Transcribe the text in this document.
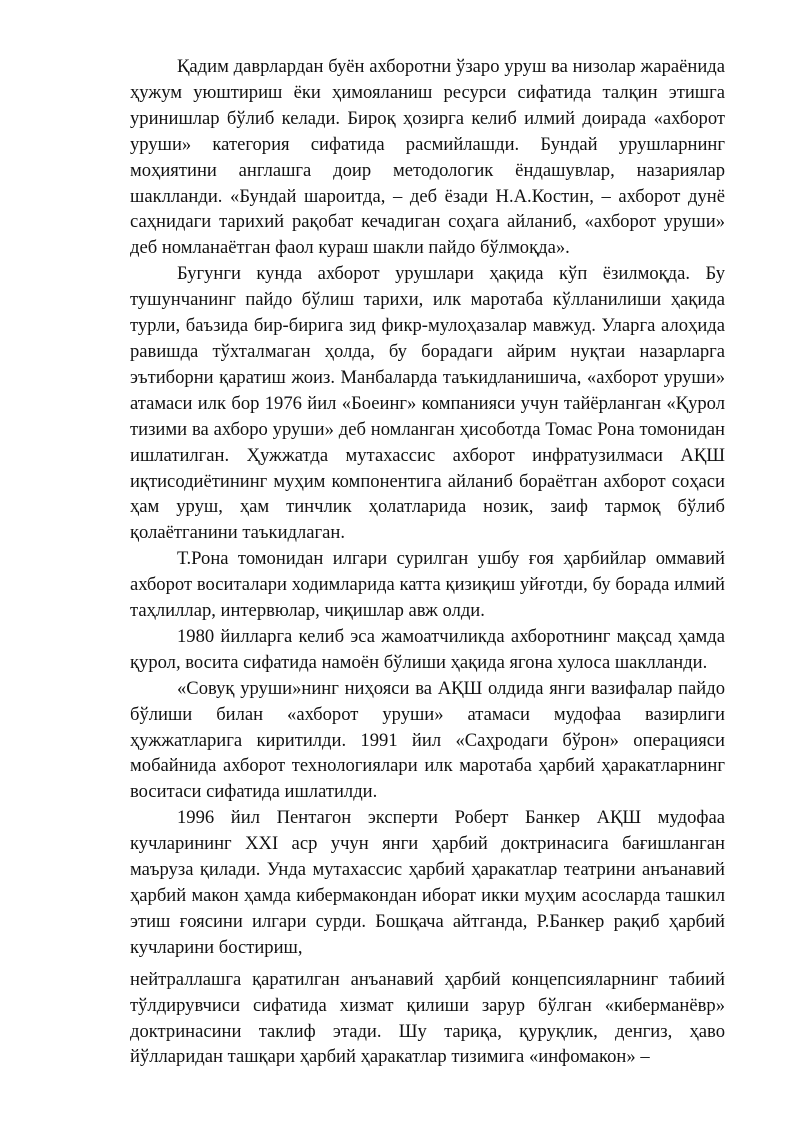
Қадим даврлардан буён ахборотни ўзаро уруш ва низолар жараёнида ҳужум уюштириш ёки ҳимояланиш ресурси сифатида талқин этишга уринишлар бўлиб келади. Бироқ ҳозирга келиб илмий доирада «ахборот уруши» категория сифатида расмийлашди. Бундай урушларнинг моҳиятини англашга доир методологик ёндашувлар, назариялар шаклланди. «Бундай шароитда, – деб ёзади Н.А.Костин, – ахборот дунё саҳнидаги тарихий рақобат кечадиган соҳага айланиб, «ахборот уруши» деб номланаётган фаол кураш шакли пайдо бўлмоқда».

Бугунги кунда ахборот урушлари ҳақида кўп ёзилмоқда. Бу тушунчанинг пайдо бўлиш тарихи, илк маротаба кўлланилиши ҳақида турли, баъзида бир-бирига зид фикр-мулоҳазалар мавжуд. Уларга алоҳида равишда тўхталмаган ҳолда, бу борадаги айрим нуқтаи назарларга эътиборни қаратиш жоиз. Манбаларда таъкидланишича, «ахборот уруши» атамаси илк бор 1976 йил «Боеинг» компанияси учун тайёрланган «Қурол тизими ва ахборо уруши» деб номланган ҳисоботда Томас Рона томонидан ишлатилган. Ҳужжатда мутахассис ахборот инфратузилмаси АҚШ иқтисодиётининг муҳим компонентига айланиб бораётган ахборот соҳаси ҳам уруш, ҳам тинчлик ҳолатларида нозик, заиф тармоқ бўлиб қолаётганини таъкидлаган.

Т.Рона томонидан илгари сурилган ушбу ғоя ҳарбийлар оммавий ахборот воситалари ходимларида катта қизиқиш уйғотди, бу борада илмий таҳлиллар, интервюлар, чиқишлар авж олди.

1980 йилларга келиб эса жамоатчиликда ахборотнинг мақсад ҳамда қурол, восита сифатида намоён бўлиши ҳақида ягона хулоса шаклланди.

«Совуқ уруши»нинг ниҳояси ва АҚШ олдида янги вазифалар пайдо бўлиши билан «ахборот уруши» атамаси мудофаа вазирлиги ҳужжатларига киритилди. 1991 йил «Саҳродаги бўрон» операцияси мобайнида ахборот технологиялари илк маротаба ҳарбий ҳаракатларнинг воситаси сифатида ишлатилди.

1996 йил Пентагон эксперти Роберт Банкер АҚШ мудофаа кучларининг XXI аср учун янги ҳарбий доктринасига бағишланган маъруза қилади. Унда мутахассис ҳарбий ҳаракатлар театрини анъанавий ҳарбий макон ҳамда кибермакондан иборат икки муҳим асосларда ташкил этиш ғоясини илгари сурди. Бошқача айтганда, Р.Банкер рақиб ҳарбий кучларини бостириш,

нейтраллашга қаратилган анъанавий ҳарбий концепсияларнинг табиий тўлдирувчиси сифатида хизмат қилиши зарур бўлган «киберманёвр» доктринасини таклиф этади. Шу тариқа, қуруқлик, денгиз, ҳаво йўлларидан ташқари ҳарбий ҳаракатлар тизимига «инфомакон» –
